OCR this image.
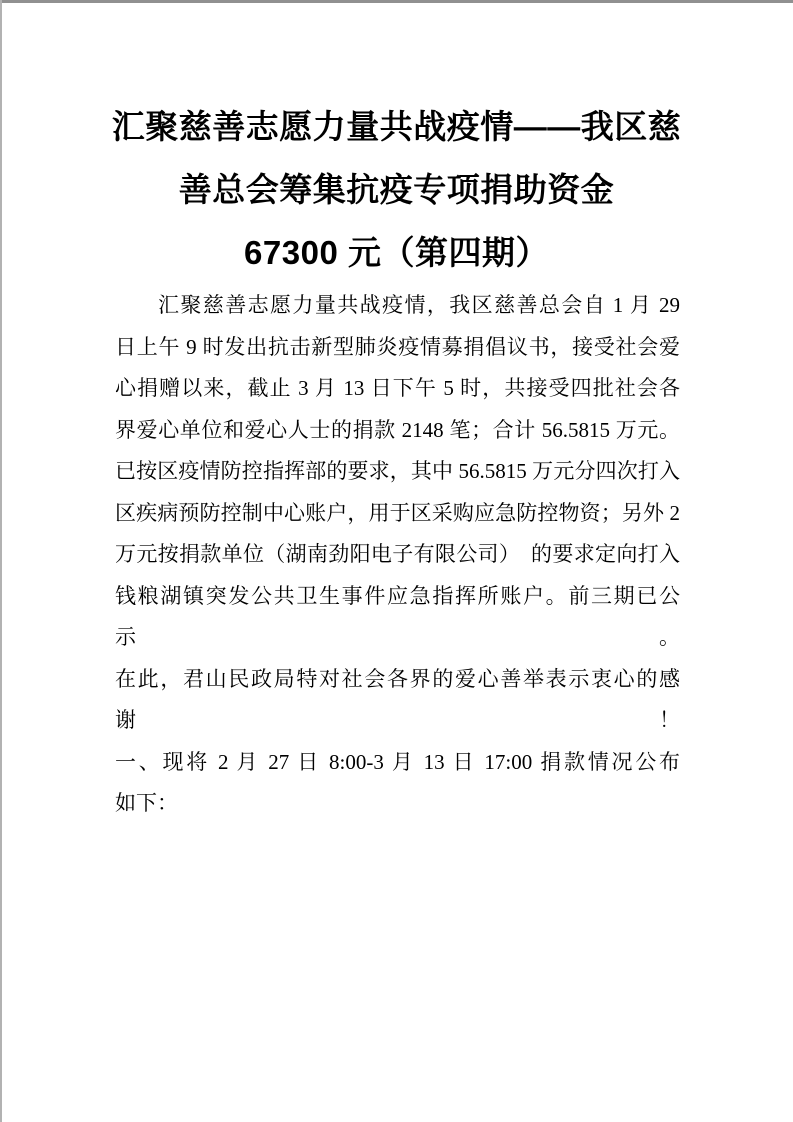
汇聚慈善志愿力量共战疫情——我区慈
善总会筹集抗疫专项捐助资金
67300 元（第四期）
汇聚慈善志愿力量共战疫情，我区慈善总会自 1 月 29
日上午 9 时发出抗击新型肺炎疫情募捐倡议书，接受社会爱
心捐赠以来，截止 3 月 13 日下午 5 时，共接受四批社会各
界爱心单位和爱心人士的捐款 2148 笔；合计 56.5815 万元。
已按区疫情防控指挥部的要求，其中 56.5815 万元分四次打入
区疾病预防控制中心账户，用于区采购应急防控物资；另外 2
万元按捐款单位（湖南劲阳电子有限公司）　的要求定向打入
钱粮湖镇突发公共卫生事件应急指挥所账户。前三期已公示。
在此，君山民政局特对社会各界的爱心善举表示衷心的感谢！
一、现将 2 月 27 日 8:00-3 月 13 日 17:00 捐款情况公布
如下：
